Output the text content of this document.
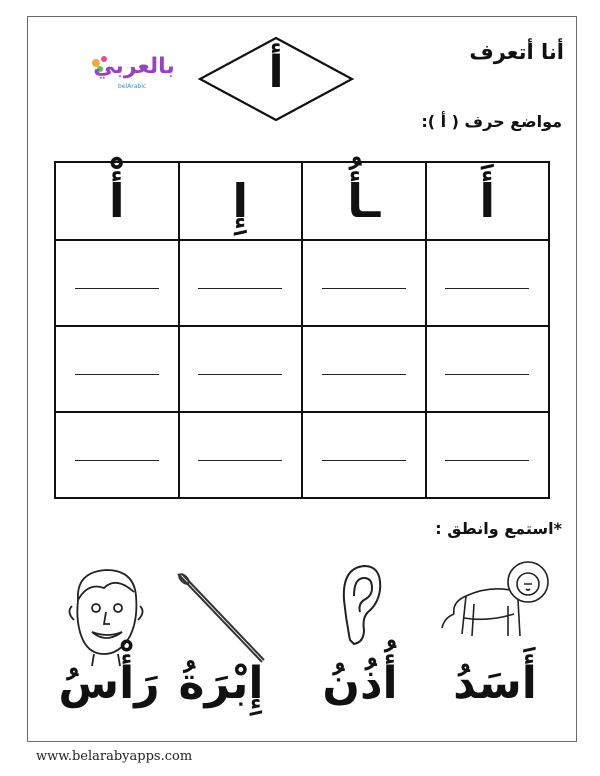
أنا أتعرف
أ
بالعربي
belArabic
مواضع حرف ( أ ):
أَ	ـأُ	إِ	أْ

*استمع وانطق :
أَسَدُ
أُذُنُ
إِبْرَةُ
رَأْسُ
www.belarabyapps.com
